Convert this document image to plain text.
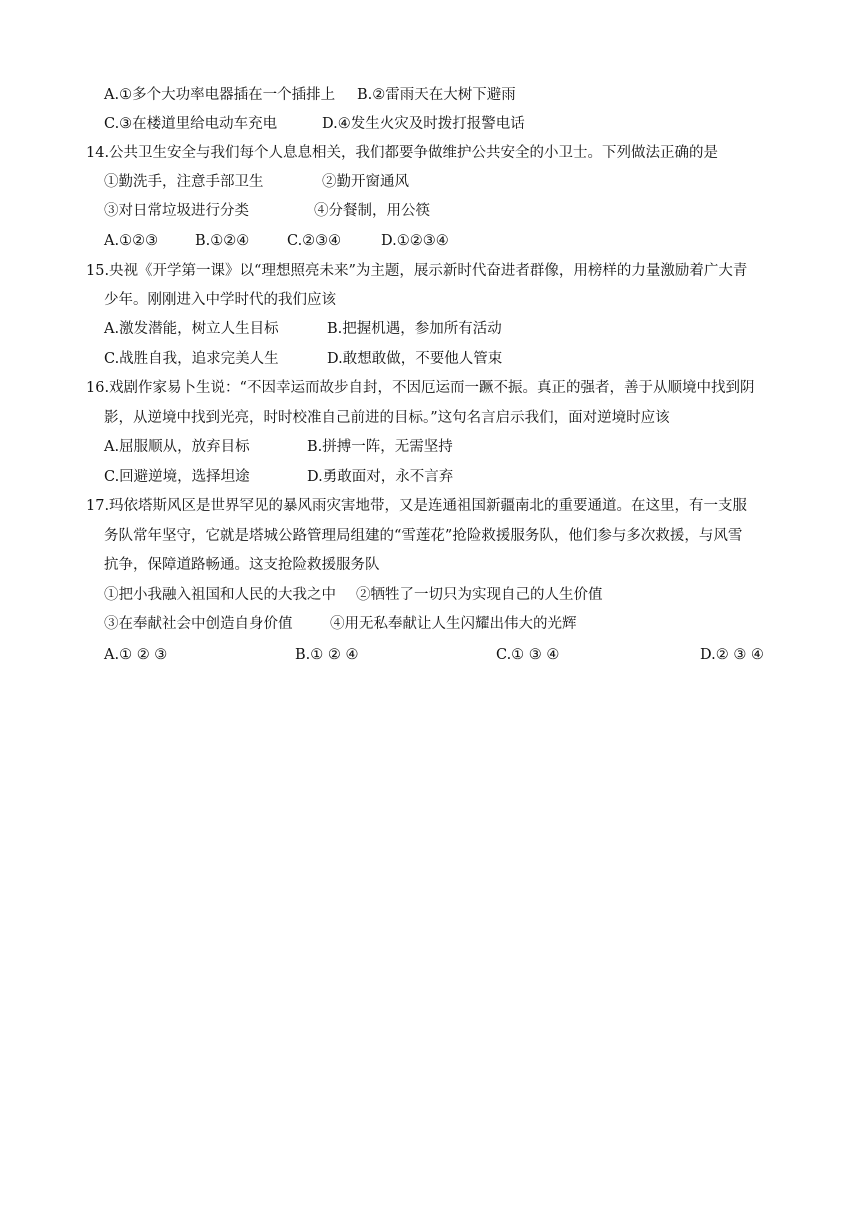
A.①多个大功率电器插在一个插排上 B.②雷雨天在大树下避雨
C.③在楼道里给电动车充电	D.④发生火灾及时拨打报警电话
14.公共卫生安全与我们每个人息息相关，我们都要争做维护公共安全的小卫士。下列做法正确的是
①勤洗手，注意手部卫生	②勤开窗通风
③对日常垃圾进行分类	④分餐制，用公筷
A.①②③	B.①②④	C.②③④	D.①②③④
15.央视《开学第一课》以“理想照亮未来”为主题，展示新时代奋进者群像，用榜样的力量激励着广大青
少年。刚刚进入中学时代的我们应该
A.激发潜能，树立人生目标	B.把握机遇，参加所有活动
C.战胜自我，追求完美人生	D.敢想敢做，不要他人管束
16.戏剧作家易卜生说：“不因幸运而故步自封，不因厄运而一蹶不振。真正的强者，善于从顺境中找到阴
影，从逆境中找到光亮，时时校准自己前进的目标。”这句名言启示我们，面对逆境时应该
A.屈服顺从，放弃目标	B.拼搏一阵，无需坚持
C.回避逆境，选择坦途	D.勇敢面对，永不言弃
17.玛依塔斯风区是世界罕见的暴风雨灾害地带，又是连通祖国新疆南北的重要通道。在这里，有一支服
务队常年坚守，它就是塔城公路管理局组建的“雪莲花”抢险救援服务队，他们参与多次救援，与风雪
抗争，保障道路畅通。这支抢险救援服务队
①把小我融入祖国和人民的大我之中 ②牺牲了一切只为实现自己的人生价值
③在奉献社会中创造自身价值	④用无私奉献让人生闪耀出伟大的光辉
A.① ② ③	B.① ② ④	C.① ③ ④	D.② ③ ④
